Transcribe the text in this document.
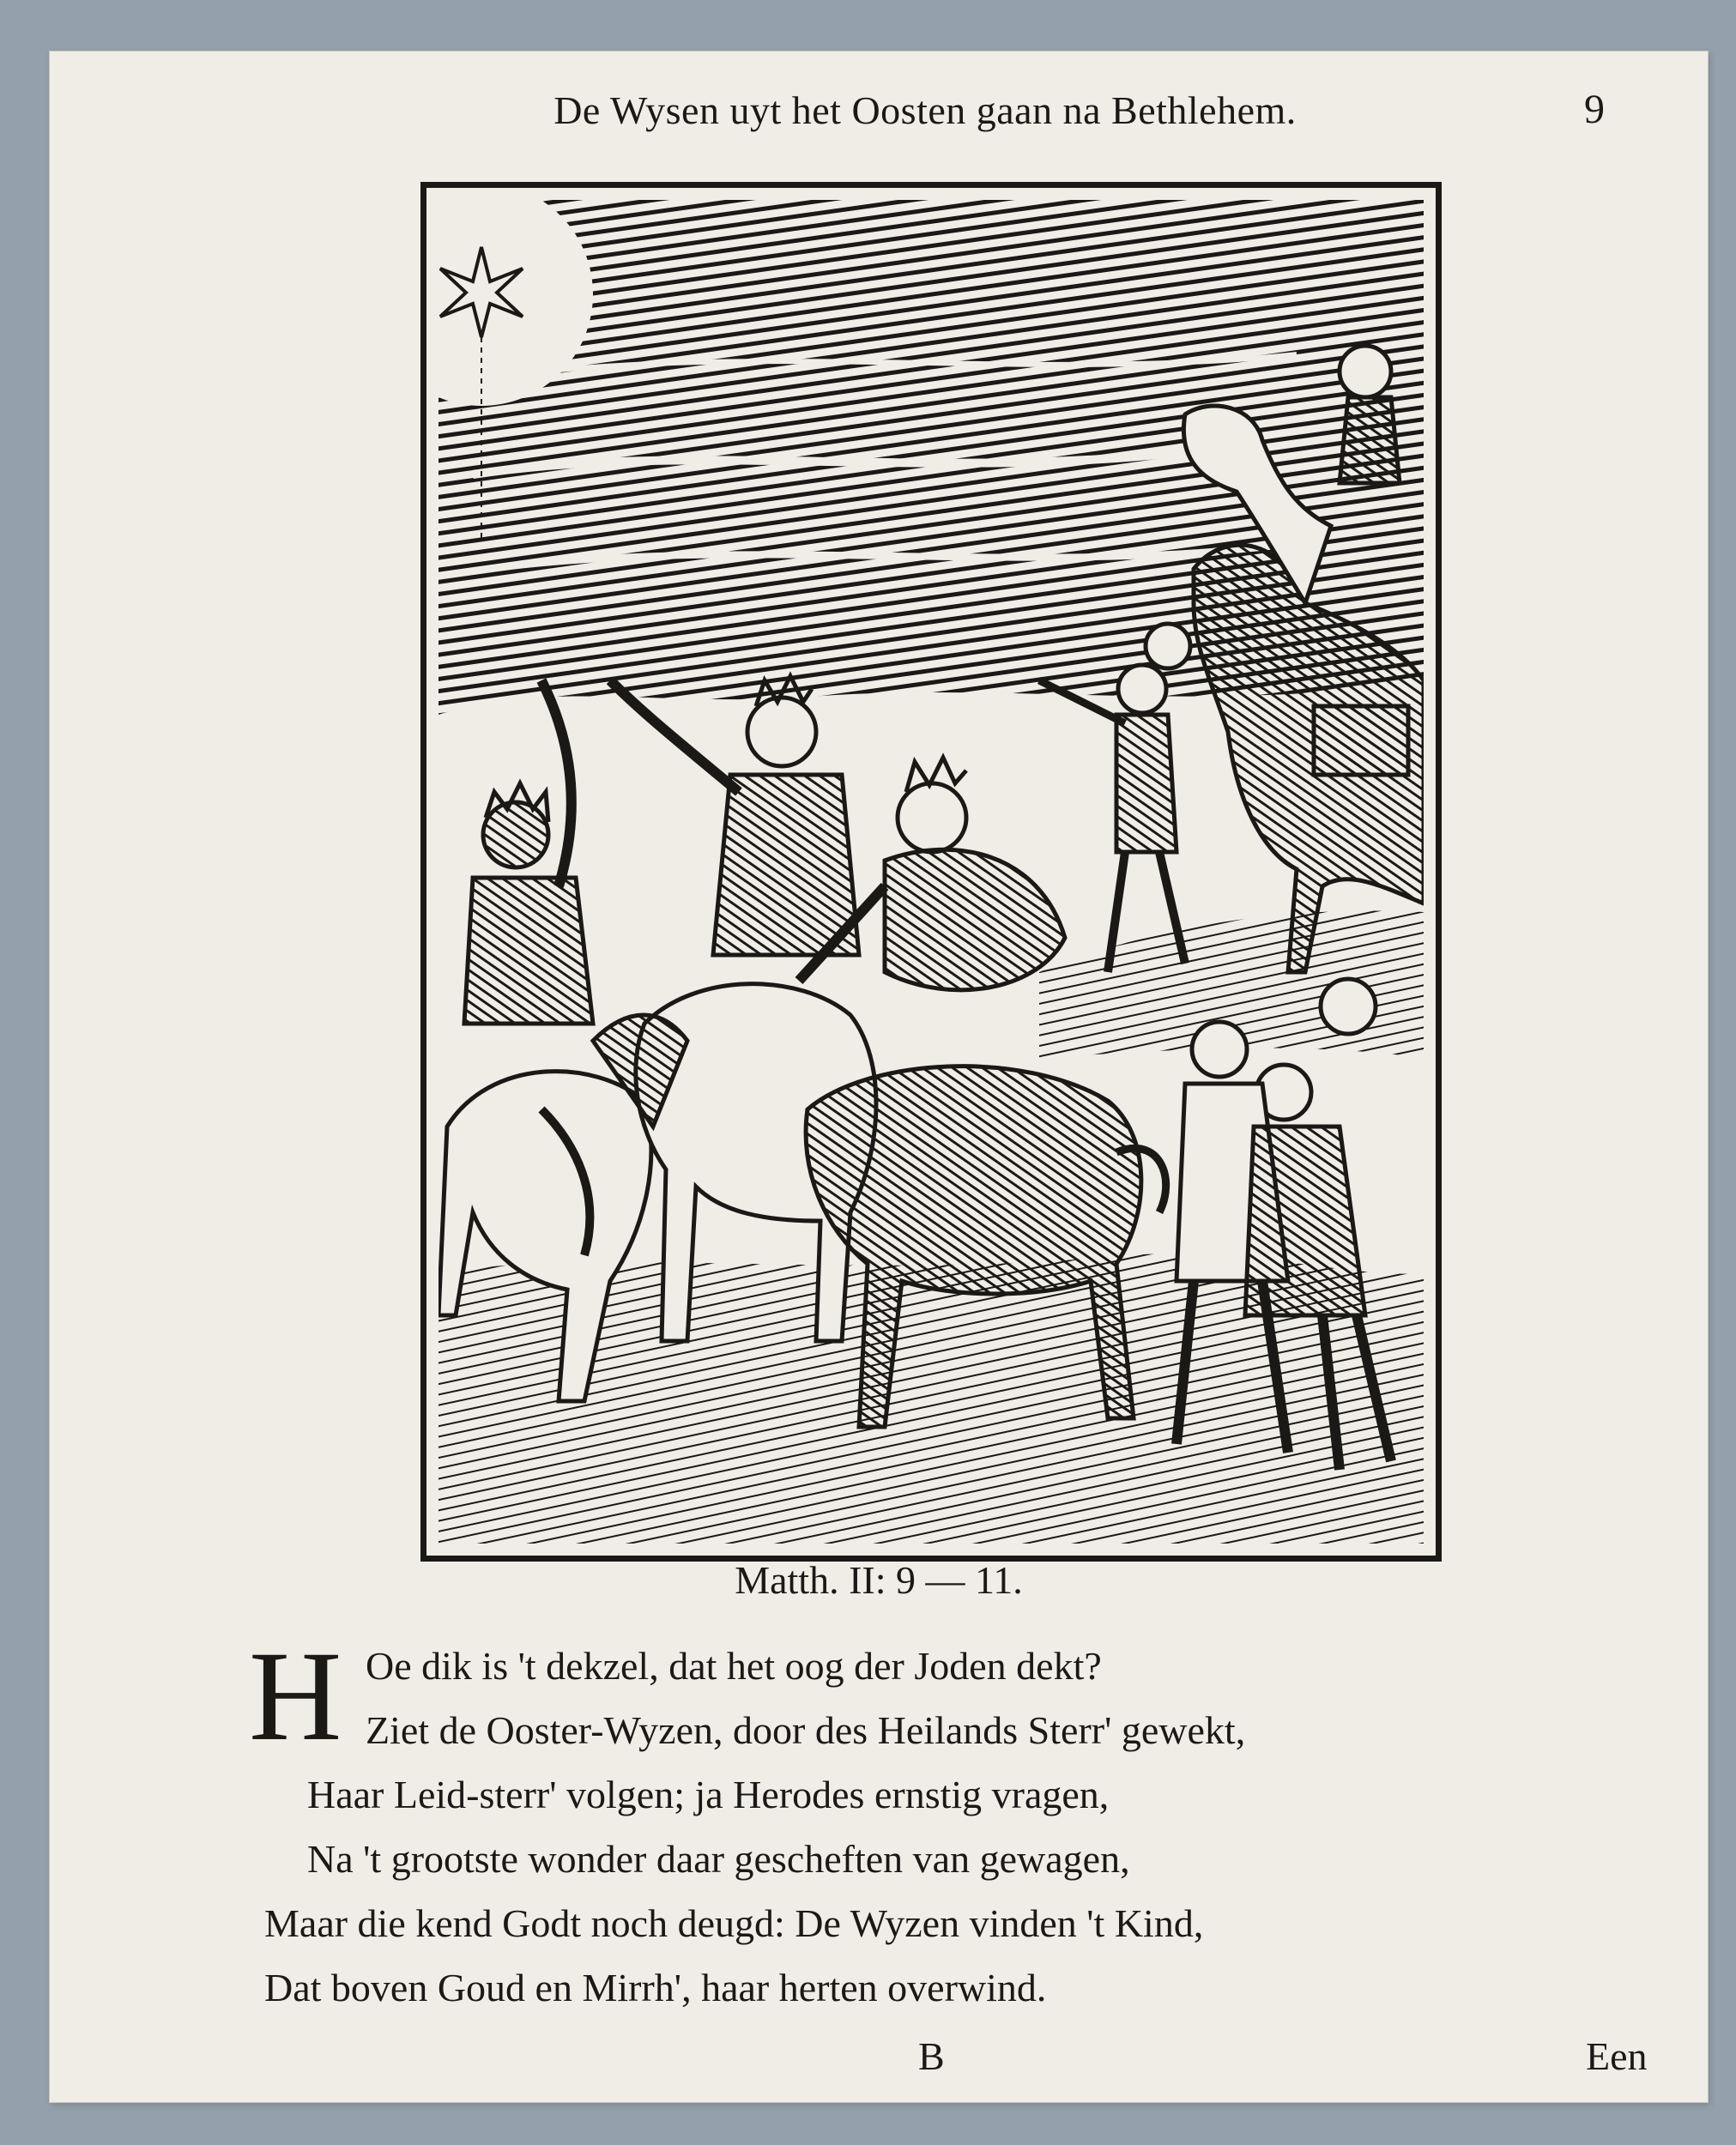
De Wysen uyt het Oosten gaan na Bethlehem.	9
Matth. II: 9 — 11.
H Oe dik is 't dekzel, dat het oog der Joden dekt?
Ziet de Ooster-Wyzen, door des Heilands Sterr' gewekt,
Haar Leid-sterr' volgen; ja Herodes ernstig vragen,
Na 't grootste wonder daar gescheften van gewagen,
Maar die kend Godt noch deugd: De Wyzen vinden 't Kind,
Dat boven Goud en Mirrh', haar herten overwind.
B	Een
